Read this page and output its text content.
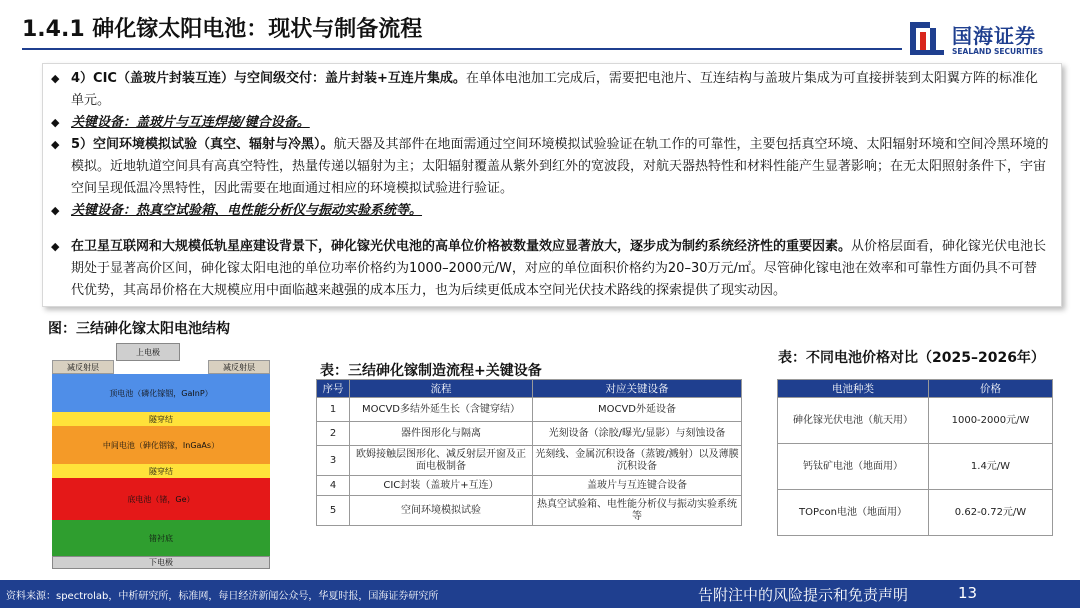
1.4.1 砷化镓太阳电池：现状与制备流程	国海证券
SEALAND SECURITIES
◆ 4）CIC（盖玻片封装互连）与空间级交付：盖片封装+互连片集成。在单体电池加工完成后，需要把电池片、互连结构与盖玻片集成为可直接拼装到太阳翼方阵的标准化单元。
◆ 关键设备：盖玻片与互连焊接/键合设备。
◆ 5）空间环境模拟试验（真空、辐射与冷黑）。航天器及其部件在地面需通过空间环境模拟试验验证在轨工作的可靠性，主要包括真空环境、太阳辐射环境和空间冷黑环境的模拟。近地轨道空间具有高真空特性，热量传递以辐射为主；太阳辐射覆盖从紫外到红外的宽波段，对航天器热特性和材料性能产生显著影响；在无太阳照射条件下，宇宙空间呈现低温冷黑特性，因此需要在地面通过相应的环境模拟试验进行验证。
◆ 关键设备：热真空试验箱、电性能分析仪与振动实验系统等。
◆ 在卫星互联网和大规模低轨星座建设背景下，砷化镓光伏电池的高单位价格被数量效应显著放大，逐步成为制约系统经济性的重要因素。从价格层面看，砷化镓光伏电池长期处于显著高价区间，砷化镓太阳电池的单位功率价格约为1000–2000元/W，对应的单位面积价格约为20–30万元/㎡。尽管砷化镓电池在效率和可靠性方面仍具不可替代优势，其高昂价格在大规模应用中面临越来越强的成本压力，也为后续更低成本空间光伏技术路线的探索提供了现实动因。
图：三结砷化镓太阳电池结构
上电极
减反射层	减反射层
顶电池（磷化镓铟，GaInP）
隧穿结
中间电池（砷化铟镓，InGaAs）
隧穿结
底电池（锗，Ge）
锗衬底
下电极
表：三结砷化镓制造流程+关键设备
序号	流程	对应关键设备
1	MOCVD多结外延生长（含键穿结）	MOCVD外延设备
2	器件图形化与隔离	光刻设备（涂胶/曝光/显影）与刻蚀设备
3	欧姆接触层图形化、减反射层开窗及正面电极制备	光刻线、金属沉积设备（蒸镀/溅射）以及薄膜沉积设备
4	CIC封装（盖玻片+互连）	盖玻片与互连键合设备
5	空间环境模拟试验	热真空试验箱、电性能分析仪与振动实验系统等
表：不同电池价格对比（2025–2026年）
电池种类	价格
砷化镓光伏电池（航天用）	1000-2000元/W
钙钛矿电池（地面用）	1.4元/W
TOPcon电池（地面用）	0.62-0.72元/W
资料来源：spectrolab，中析研究所，标准网，每日经济新闻公众号，华夏时报，国海证券研究所	告附注中的风险提示和免责声明	13
